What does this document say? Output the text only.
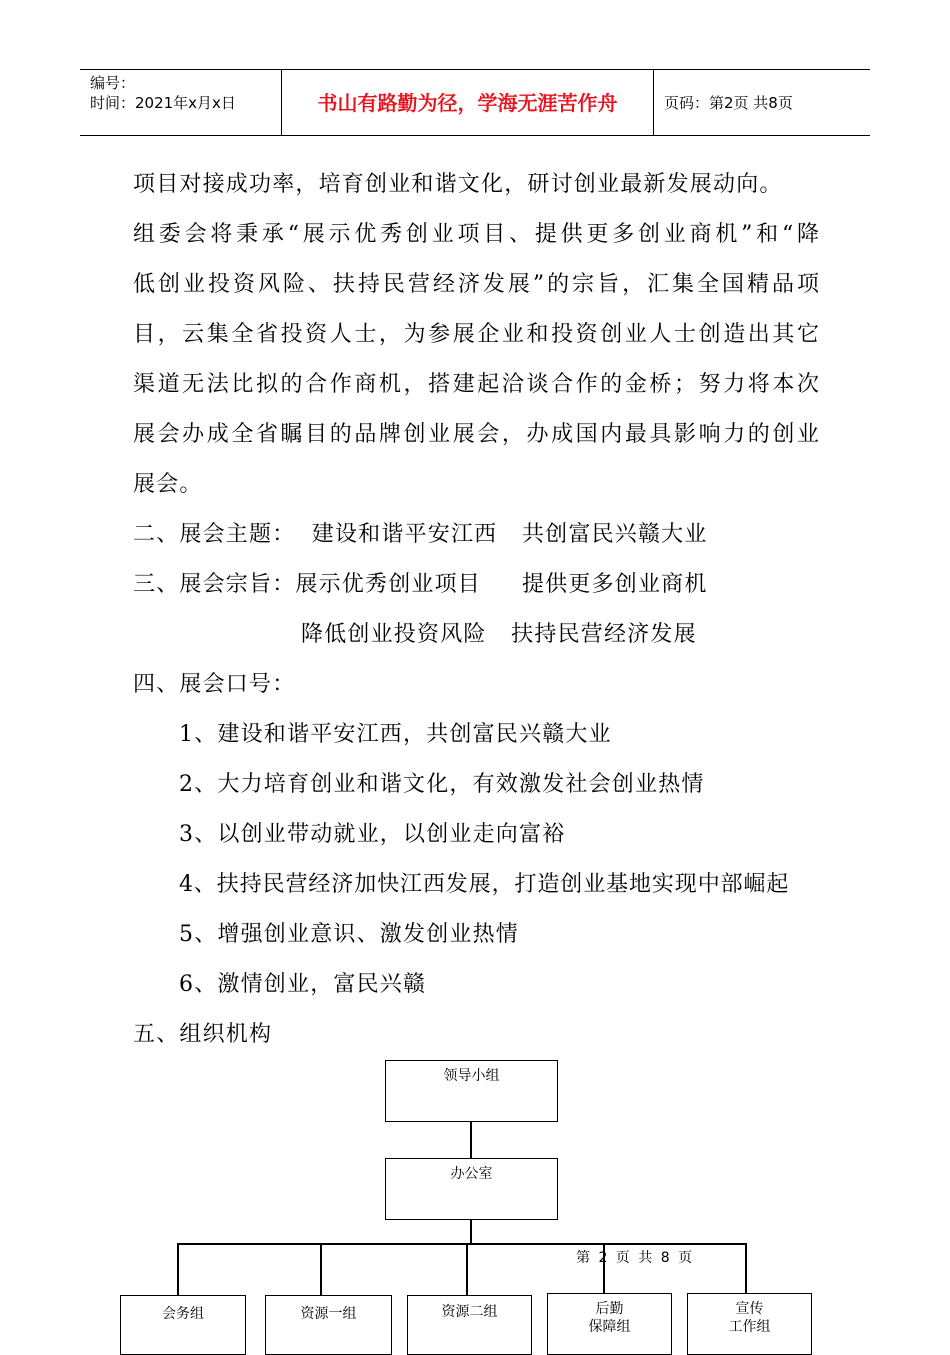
编号：
时间：2021年x月x日	书山有路勤为径，学海无涯苦作舟	页码：第2页 共8页
项目对接成功率，培育创业和谐文化，研讨创业最新发展动向。
组委会将秉承“展示优秀创业项目、提供更多创业商机”和“降
低创业投资风险、扶持民营经济发展”的宗旨，汇集全国精品项
目，云集全省投资人士，为参展企业和投资创业人士创造出其它
渠道无法比拟的合作商机，搭建起洽谈合作的金桥；努力将本次
展会办成全省瞩目的品牌创业展会，办成国内最具影响力的创业
展会。
二、展会主题：  建设和谐平安江西   共创富民兴赣大业
三、展会宗旨：展示优秀创业项目     提供更多创业商机
降低创业投资风险   扶持民营经济发展
四、展会口号：
1、建设和谐平安江西，共创富民兴赣大业
2、大力培育创业和谐文化，有效激发社会创业热情
3、以创业带动就业，以创业走向富裕
4、扶持民营经济加快江西发展，打造创业基地实现中部崛起
5、增强创业意识、激发创业热情
6、激情创业，富民兴赣
五、组织机构
领导小组
办公室
会务组	资源一组	资源二组	后勤
保障组
宣传
工作组
第 2 页 共 8 页
